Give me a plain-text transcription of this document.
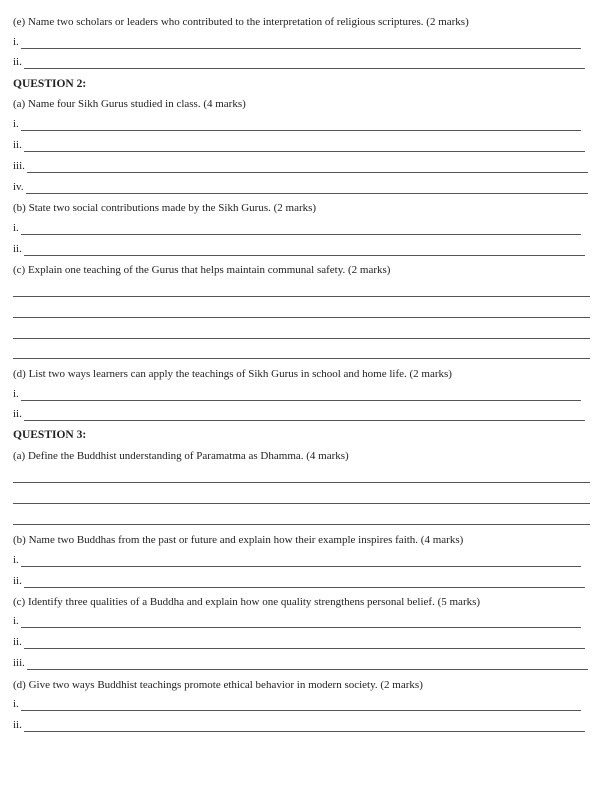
(e) Name two scholars or leaders who contributed to the interpretation of religious scriptures. (2 marks)
i.
ii.
QUESTION 2:
(a) Name four Sikh Gurus studied in class. (4 marks)
i.
ii.
iii.
iv.
(b) State two social contributions made by the Sikh Gurus. (2 marks)
i.
ii.
(c) Explain one teaching of the Gurus that helps maintain communal safety. (2 marks)
(d) List two ways learners can apply the teachings of Sikh Gurus in school and home life. (2 marks)
i.
ii.
QUESTION 3:
(a) Define the Buddhist understanding of Paramatma as Dhamma. (4 marks)
(b) Name two Buddhas from the past or future and explain how their example inspires faith. (4 marks)
i.
ii.
(c) Identify three qualities of a Buddha and explain how one quality strengthens personal belief. (5 marks)
i.
ii.
iii.
(d) Give two ways Buddhist teachings promote ethical behavior in modern society. (2 marks)
i.
ii.
